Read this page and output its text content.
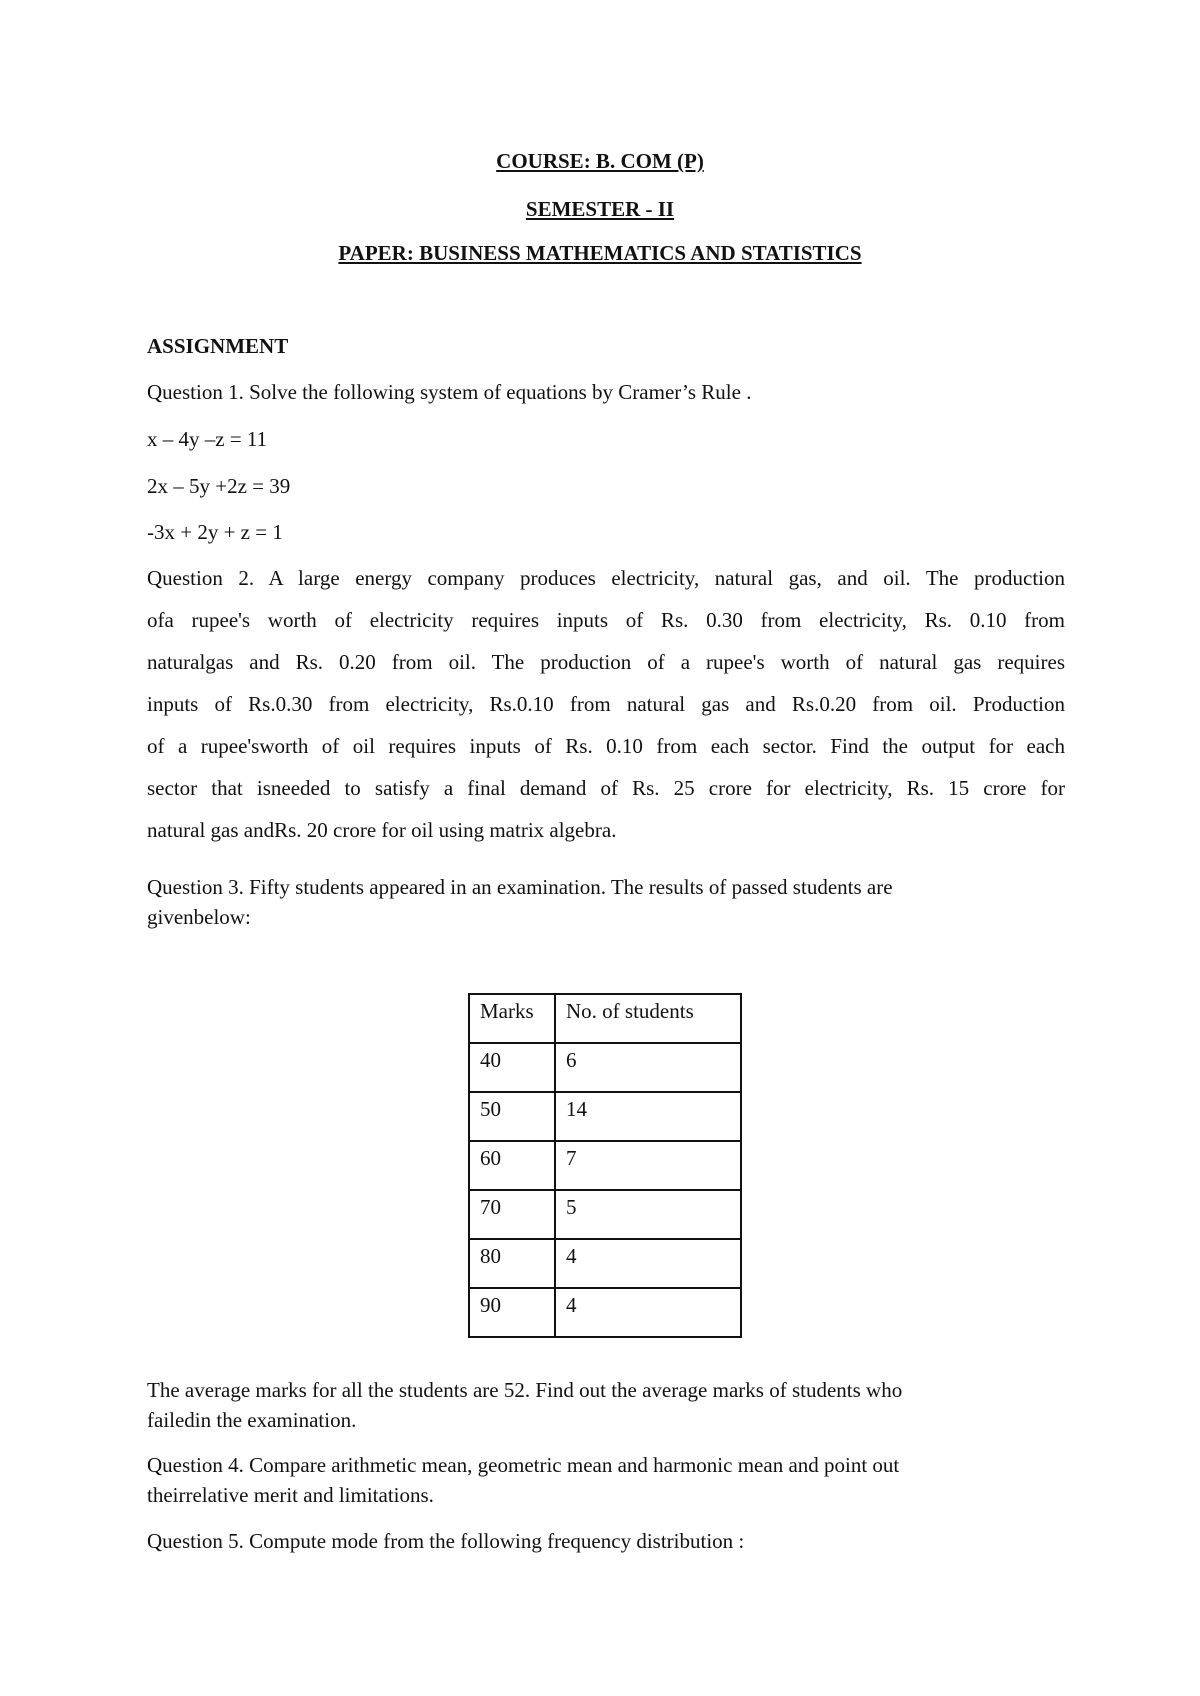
COURSE: B. COM (P)
SEMESTER - II
PAPER: BUSINESS MATHEMATICS AND STATISTICS
ASSIGNMENT
Question 1. Solve the following system of equations by Cramer’s Rule .
x – 4y –z = 11
2x – 5y +2z = 39
-3x + 2y + z = 1
Question 2. A large energy company produces electricity, natural gas, and oil. The production
ofa rupee's worth of electricity requires inputs of Rs. 0.30 from electricity, Rs. 0.10 from
naturalgas and Rs. 0.20 from oil. The production of a rupee's worth of natural gas requires
inputs of Rs.0.30 from electricity, Rs.0.10 from natural gas and Rs.0.20 from oil. Production
of a rupee'sworth of oil requires inputs of Rs. 0.10 from each sector. Find the output for each
sector that isneeded to satisfy a final demand of Rs. 25 crore for electricity, Rs. 15 crore for
natural gas andRs. 20 crore for oil using matrix algebra.
Question 3. Fifty students appeared in an examination. The results of passed students are
givenbelow:
Marks	No. of students
40	6
50	14
60	7
70	5
80	4
90	4
The average marks for all the students are 52. Find out the average marks of students who
failedin the examination.
Question 4. Compare arithmetic mean, geometric mean and harmonic mean and point out
theirrelative merit and limitations.
Question 5. Compute mode from the following frequency distribution :
